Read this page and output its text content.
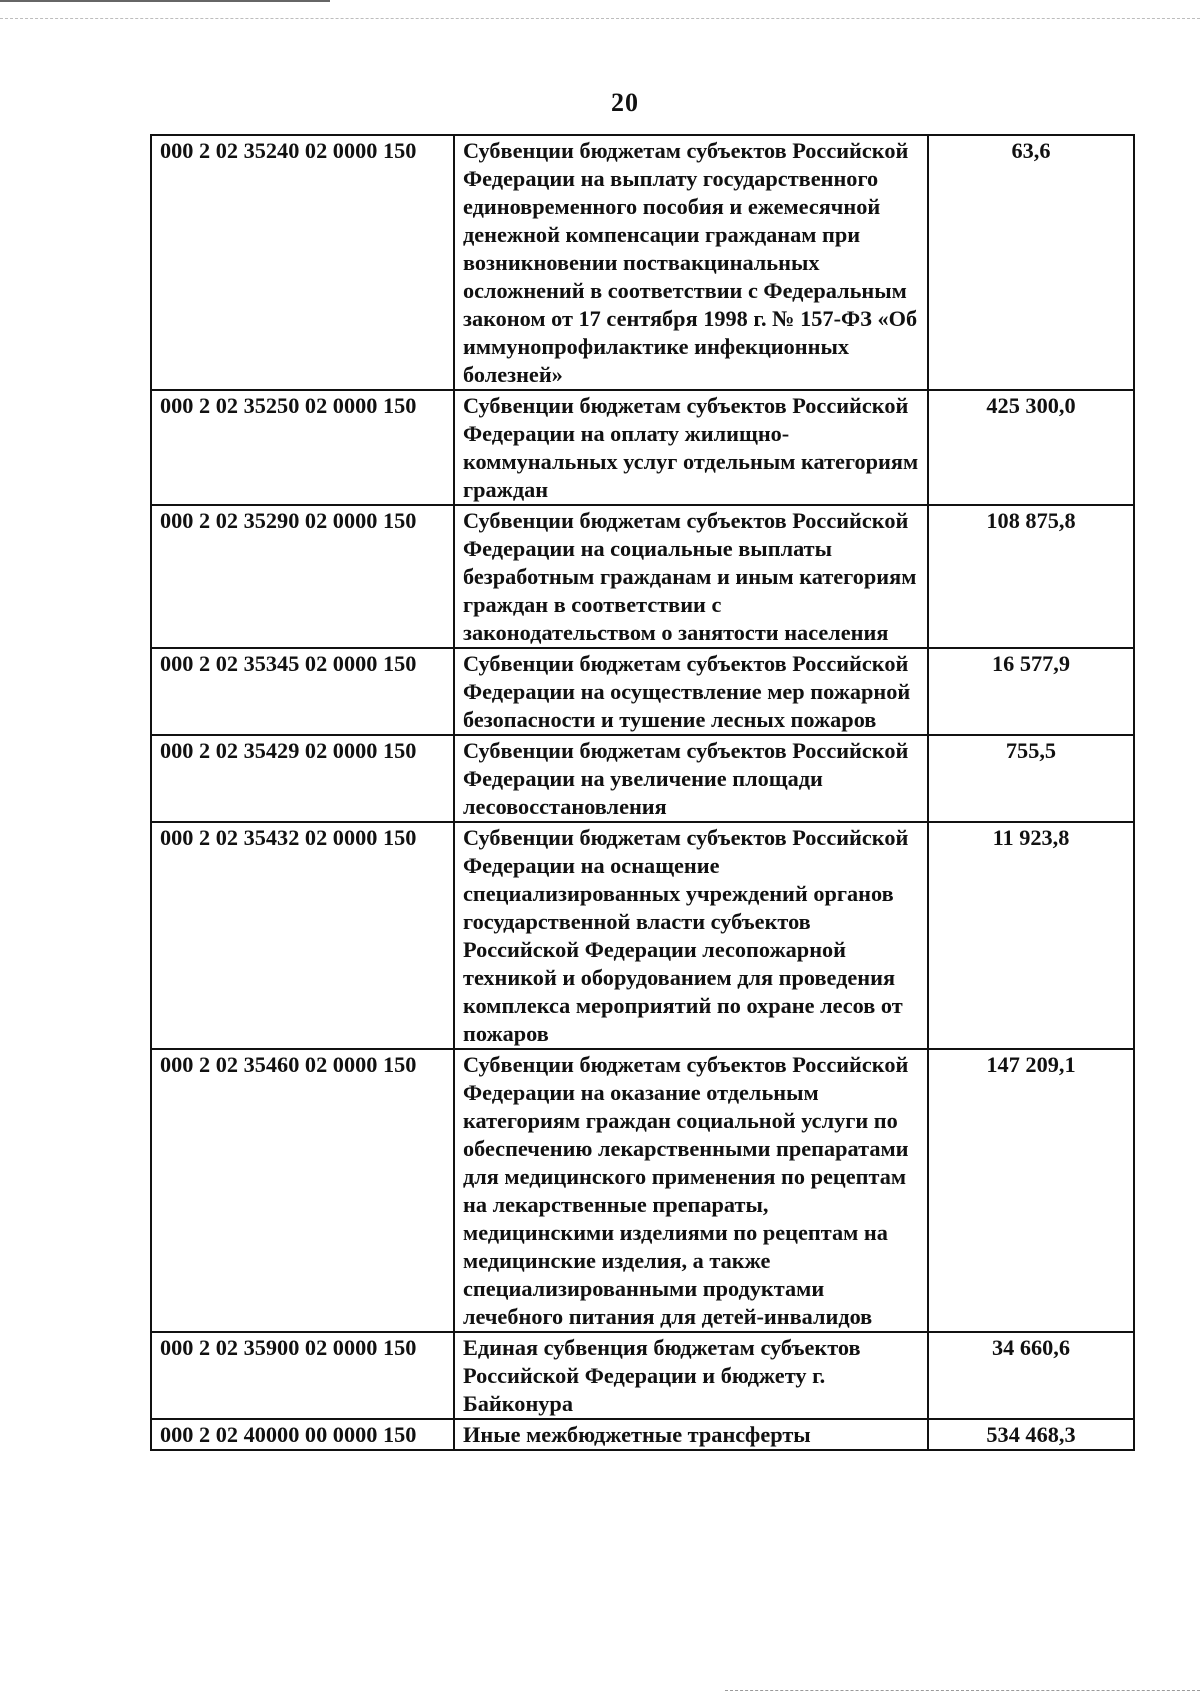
20
000 2 02 35240 02 0000 150	Субвенции бюджетам субъектов Российской Федерации на выплату государственного единовременного пособия и ежемесячной денежной компенсации гражданам при возникновении поствакцинальных осложнений в соответствии с Федеральным законом от 17 сентября 1998 г. № 157-ФЗ «Об иммунопрофилактике инфекционных болезней»	63,6
000 2 02 35250 02 0000 150	Субвенции бюджетам субъектов Российской Федерации на оплату жилищно-коммунальных услуг отдельным категориям граждан	425 300,0
000 2 02 35290 02 0000 150	Субвенции бюджетам субъектов Российской Федерации на социальные выплаты безработным гражданам и иным категориям граждан в соответствии с законодательством о занятости населения	108 875,8
000 2 02 35345 02 0000 150	Субвенции бюджетам субъектов Российской Федерации на осуществление мер пожарной безопасности и тушение лесных пожаров	16 577,9
000 2 02 35429 02 0000 150	Субвенции бюджетам субъектов Российской Федерации на увеличение площади лесовосстановления	755,5
000 2 02 35432 02 0000 150	Субвенции бюджетам субъектов Российской Федерации на оснащение специализированных учреждений органов государственной власти субъектов Российской Федерации лесопожарной техникой и оборудованием для проведения комплекса мероприятий по охране лесов от пожаров	11 923,8
000 2 02 35460 02 0000 150	Субвенции бюджетам субъектов Российской Федерации на оказание отдельным категориям граждан социальной услуги по обеспечению лекарственными препаратами для медицинского применения по рецептам на лекарственные препараты, медицинскими изделиями по рецептам на медицинские изделия, а также специализированными продуктами лечебного питания для детей-инвалидов	147 209,1
000 2 02 35900 02 0000 150	Единая субвенция бюджетам субъектов Российской Федерации и бюджету г. Байконура	34 660,6
000 2 02 40000 00 0000 150	Иные межбюджетные трансферты	534 468,3
